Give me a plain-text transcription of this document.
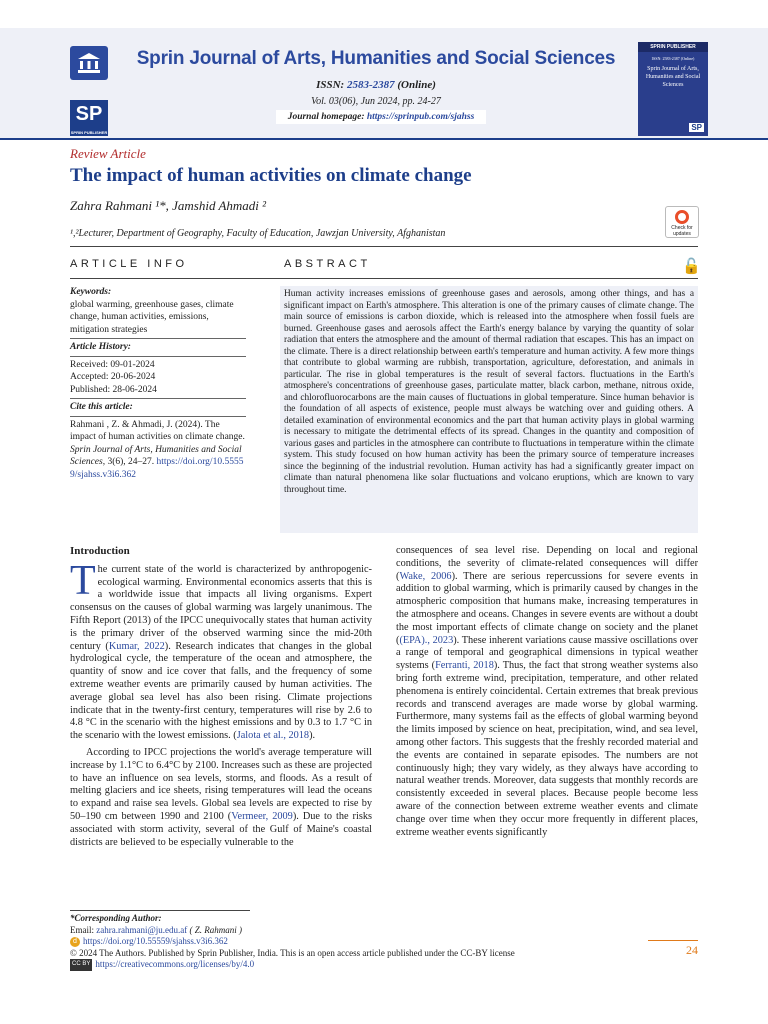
SP
SPRIN PUBLISHER
Sprin Journal of Arts, Humanities and Social Sciences
ISSN: 2583-2387 (Online)
Vol. 03(06), Jun 2024, pp. 24-27
Journal homepage: https://sprinpub.com/sjahss
SPRIN PUBLISHER
ISSN: 2583-2387 (Online)
Sprin Journal of Arts, Humanities and Social Sciences
SP
Review Article
The impact of human activities on climate change
Zahra Rahmani ¹*, Jamshid Ahmadi ²
Check for updates
¹,²Lecturer, Department of Geography, Faculty of Education, Jawzjan University, Afghanistan
ARTICLE INFO	ABSTRACT	🔓
Keywords:
global warming, greenhouse gases, climate change, human activities, emissions, mitigation strategies
Article History:
Received: 09-01-2024
Accepted: 20-06-2024
Published: 28-06-2024
Cite this article:
Rahmani , Z. & Ahmadi, J. (2024). The impact of human activities on climate change. Sprin Journal of Arts, Humanities and Social Sciences, 3(6), 24–27. https://doi.org/10.55559/sjahss.v3i6.362
Human activity increases emissions of greenhouse gases and aerosols, among other things, and has a significant impact on Earth's atmosphere. This alteration is one of the primary causes of climate change. The main source of emissions is carbon dioxide, which is released into the atmosphere when fossil fuels are burned. Greenhouse gases and aerosols affect the Earth's energy balance by varying the quantity of solar radiation that enters the atmosphere and the amount of thermal radiation that escapes. This has an impact on the climate. There is a direct relationship between earth's temperature and human activity. A few more things that contribute to global warming are rubbish, transportation, agriculture, deforestation, and animals in particular. The rise in global temperatures is the result of several factors. fluctuations in the Earth's atmosphere's concentrations of greenhouse gases, particulate matter, black carbon, methane, nitrous oxide, and chlorofluorocarbons are the main causes of fluctuations in global temperature. Since human behavior is the foundation of all aspects of existence, people must always be watching over and guiding others. A detailed examination of environmental economics and the part that human activity plays in global warming is necessary to mitigate the detrimental effects of its spread. Changes in the quantity and composition of various gases and particles in the atmosphere can contribute to fluctuations in temperature within the climate system. This study focused on how human activity has been the primary source of temperature increases since the beginning of the industrial revolution. Human activity has had a significantly greater impact on climate than natural phenomena like solar fluctuations and volcano eruptions, which are known to vary throughout time.
Introduction

The current state of the world is characterized by anthropogenic-ecological warming. Environmental economics asserts that this is a worldwide issue that impacts all living organisms. Expert consensus on the causes of global warming was largely unanimous. The Fifth Report (2013) of the IPCC unequivocally states that human activity is the primary driver of the observed warming since the mid-20th century (Kumar, 2022). Research indicates that changes in the global hydrological cycle, the temperature of the ocean and atmosphere, the quantity of snow and ice cover that falls, and the frequency of some extreme weather events are primarily caused by human activities. The average global sea level has also been rising. Climate projections indicate that in the twenty-first century, temperatures will rise by 2.6 to 4.8 °C in the scenario with the highest emissions and by 0.3 to 1.7 °C in the scenario with the lowest emissions. (Jalota et al., 2018).

According to IPCC projections the world's average temperature will increase by 1.1°C to 6.4°C by 2100. Increases such as these are projected to have an influence on sea levels, storms, and floods. As a result of melting glaciers and ice sheets, rising temperatures will lead the oceans to expand and raise sea levels. Global sea levels are expected to rise by 50–190 cm between 1990 and 2100 (Vermeer, 2009). Due to the risks associated with storm activity, several of the Gulf of Maine's coastal districts are believed to be especially vulnerable to the

consequences of sea level rise. Depending on local and regional conditions, the severity of climate-related consequences will differ (Wake, 2006). There are serious repercussions for severe events in addition to global warming, which is primarily caused by changes in the atmospheric composition that humans make, increasing temperatures in the atmosphere and oceans. Changes in severe events are without a doubt the most important effects of climate change on society and the planet ((EPA)., 2023). These inherent variations cause massive oscillations over a range of temporal and geographical dimensions in typical weather systems (Ferranti, 2018). Thus, the fact that strong weather systems also bring forth extreme wind, precipitation, temperature, and other related phenomena is entirely coincidental. Certain extremes that break previous records and transcend averages are made worse by global warming. Furthermore, many systems fail as the effects of global warming beyond the limits imposed by science on heat, precipitation, wind, and sea level, among other factors. This suggests that the freshly recorded material and the events are contained in separate episodes. The numbers are not continuously high; they vary widely, as they always have according to natural weather trends. Moreover, data suggests that monthly records are consistently exceeded in several places. Because people become less aware of the connection between extreme weather events and climate change over time when they occur more frequently in different places, extreme weather events significantly

*Corresponding Author:
Email: zahra.rahmani@ju.edu.af ( Z. Rahmani )
d https://doi.org/10.55559/sjahss.v3i6.362
© 2024 The Authors. Published by Sprin Publisher, India. This is an open access article published under the CC-BY license
CC BY https://creativecommons.org/licenses/by/4.0
24
